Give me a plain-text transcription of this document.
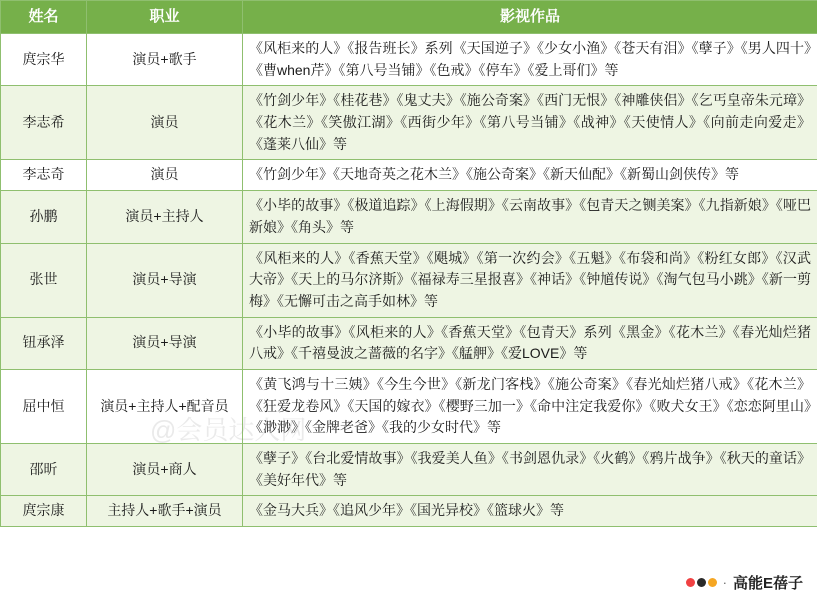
姓名	职业	影视作品
庹宗华	演员+歌手	《风柜来的人》《报告班长》系列《天国逆子》《少女小渔》《苍天有泪》《孽子》《男人四十》《曹when芹》《第八号当铺》《色戒》《停车》《爱上哥们》等
李志希	演员	《竹剑少年》《桂花巷》《鬼丈夫》《施公奇案》《西门无恨》《神雕侠侣》《乞丐皇帝朱元璋》《花木兰》《笑傲江湖》《西街少年》《第八号当铺》《战神》《天使情人》《向前走向爱走》《蓬莱八仙》等
李志奇	演员	《竹剑少年》《天地奇英之花木兰》《施公奇案》《新天仙配》《新蜀山剑侠传》等
孙鹏	演员+主持人	《小毕的故事》《极道追踪》《上海假期》《云南故事》《包青天之铡美案》《九指新娘》《哑巴新娘》《角头》等
张世	演员+导演	《风柜来的人》《香蕉天堂》《飓城》《第一次约会》《五魁》《布袋和尚》《粉红女郎》《汉武大帝》《天上的马尔济斯》《福禄寿三星报喜》《神话》《钟馗传说》《淘气包马小跳》《新一剪梅》《无懈可击之高手如林》等
钮承泽	演员+导演	《小毕的故事》《风柜来的人》《香蕉天堂》《包青天》系列《黑金》《花木兰》《春光灿烂猪八戒》《千禧曼波之蔷薇的名字》《艋舺》《爱LOVE》等
屈中恒	演员+主持人+配音员	《黄飞鸿与十三姨》《今生今世》《新龙门客栈》《施公奇案》《春光灿烂猪八戒》《花木兰》《狂爱龙卷风》《天国的嫁衣》《樱野三加一》《命中注定我爱你》《败犬女王》《恋恋阿里山》《渺渺》《金牌老爸》《我的少女时代》等
邵昕	演员+商人	《孽子》《台北爱情故事》《我爱美人鱼》《书剑恩仇录》《火鹤》《鸦片战争》《秋天的童话》《美好年代》等
庹宗康	主持人+歌手+演员	《金马大兵》《追风少年》《国光异校》《篮球火》等
@会员达人网
· 高能E蓓子
